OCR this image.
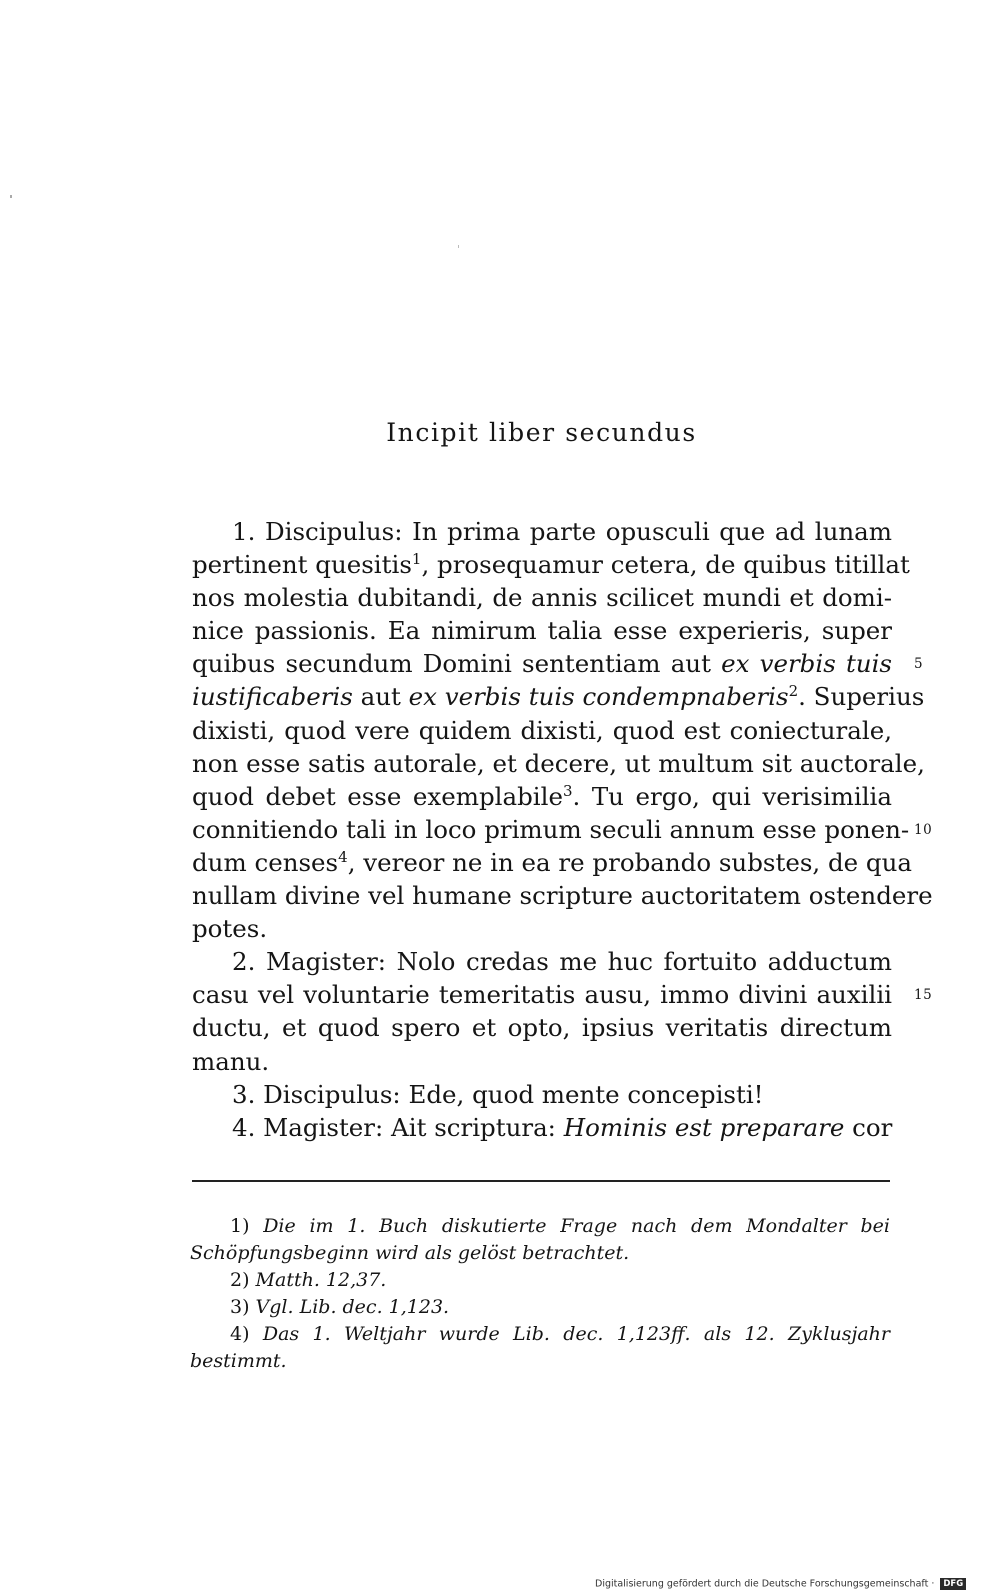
Incipit liber secundus
1. Discipulus: In prima parte opusculi que ad lunam
pertinent quesitis$^1$, prosequamur cetera, de quibus titillat
nos molestia dubitandi, de annis scilicet mundi et domi-
nice passionis. Ea nimirum talia esse experieris, super
quibus secundum Domini sententiam aut ex verbis tuis 5
iustificaberis aut ex verbis tuis condempnaberis$^2$. Superius
dixisti, quod vere quidem dixisti, quod est coniecturale,
non esse satis autorale, et decere, ut multum sit auctorale,
quod debet esse exemplabile$^3$. Tu ergo, qui verisimilia
connitiendo tali in loco primum seculi annum esse ponen- 10
dum censes$^4$, vereor ne in ea re probando substes, de qua
nullam divine vel humane scripture auctoritatem ostendere
potes.
2. Magister: Nolo credas me huc fortuito adductum
casu vel voluntarie temeritatis ausu, immo divini auxilii 15
ductu, et quod spero et opto, ipsius veritatis directum
manu.
3. Discipulus: Ede, quod mente concepisti!
4. Magister: Ait scriptura: Hominis est preparare cor
1) Die im 1. Buch diskutierte Frage nach dem Mondalter bei
Schöpfungsbeginn wird als gelöst betrachtet.
2) Matth. 12,37.
3) Vgl. Lib. dec. 1,123.
4) Das 1. Weltjahr wurde Lib. dec. 1,123ff. als 12. Zyklusjahr
bestimmt.
Digitalisierung gefördert durch die Deutsche Forschungsgemeinschaft · DFG
